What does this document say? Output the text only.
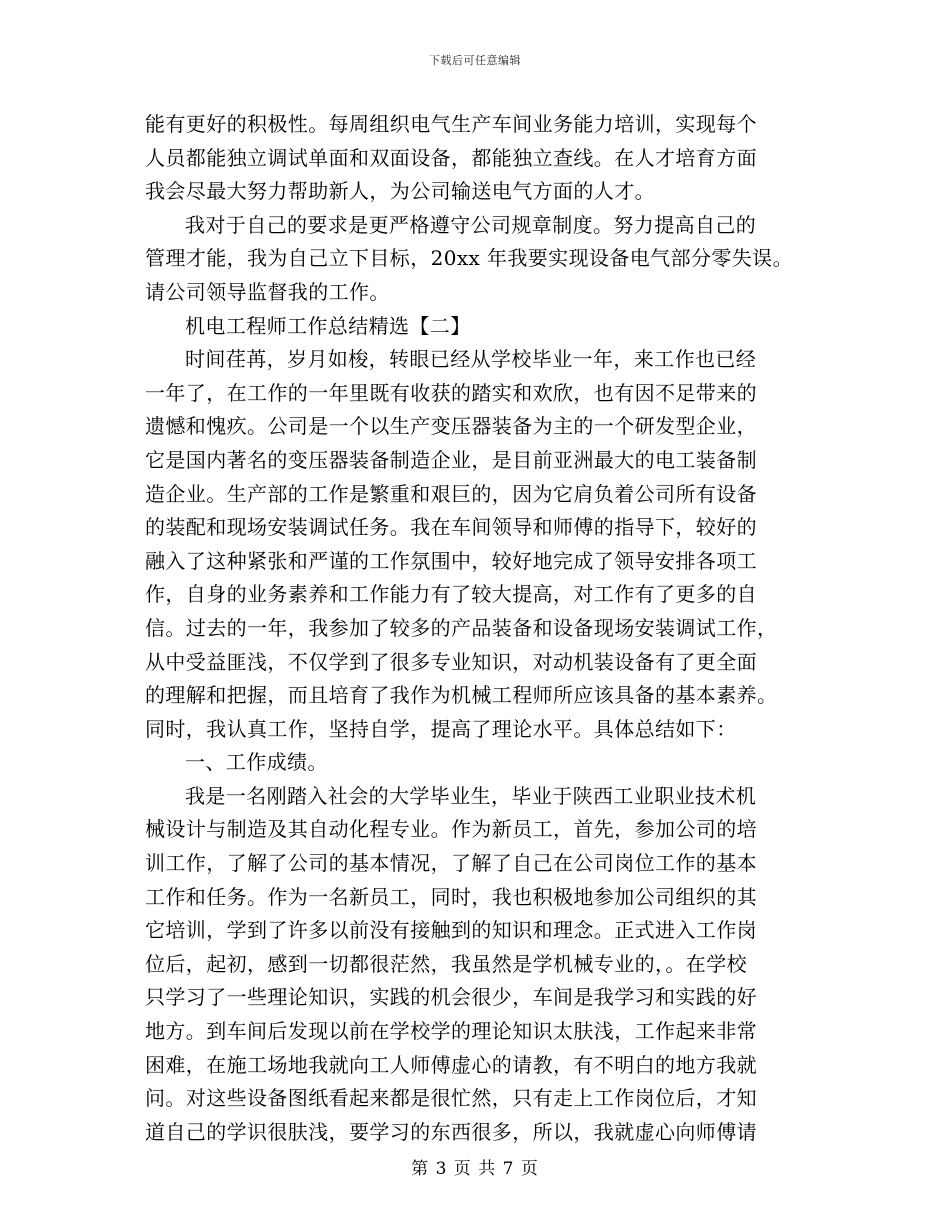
下载后可任意编辑
能有更好的积极性。每周组织电气生产车间业务能力培训，实现每个
人员都能独立调试单面和双面设备，都能独立查线。在人才培育方面
我会尽最大努力帮助新人，为公司输送电气方面的人才。
我对于自己的要求是更严格遵守公司规章制度。努力提高自己的
管理才能，我为自己立下目标，20xx 年我要实现设备电气部分零失误。
请公司领导监督我的工作。
机电工程师工作总结精选【二】
时间荏苒，岁月如梭，转眼已经从学校毕业一年，来工作也已经
一年了，在工作的一年里既有收获的踏实和欢欣，也有因不足带来的
遗憾和愧疚。公司是一个以生产变压器装备为主的一个研发型企业，
它是国内著名的变压器装备制造企业，是目前亚洲最大的电工装备制
造企业。生产部的工作是繁重和艰巨的，因为它肩负着公司所有设备
的装配和现场安装调试任务。我在车间领导和师傅的指导下，较好的
融入了这种紧张和严谨的工作氛围中，较好地完成了领导安排各项工
作，自身的业务素养和工作能力有了较大提高，对工作有了更多的自
信。过去的一年，我参加了较多的产品装备和设备现场安装调试工作，
从中受益匪浅，不仅学到了很多专业知识，对动机装设备有了更全面
的理解和把握，而且培育了我作为机械工程师所应该具备的基本素养。
同时，我认真工作，坚持自学，提高了理论水平。具体总结如下：
一、工作成绩。
我是一名刚踏入社会的大学毕业生，毕业于陕西工业职业技术机
械设计与制造及其自动化程专业。作为新员工，首先，参加公司的培
训工作，了解了公司的基本情况，了解了自己在公司岗位工作的基本
工作和任务。作为一名新员工，同时，我也积极地参加公司组织的其
它培训，学到了许多以前没有接触到的知识和理念。正式进入工作岗
位后，起初，感到一切都很茫然，我虽然是学机械专业的，。在学校
只学习了一些理论知识，实践的机会很少，车间是我学习和实践的好
地方。到车间后发现以前在学校学的理论知识太肤浅，工作起来非常
困难，在施工场地我就向工人师傅虚心的请教，有不明白的地方我就
问。对这些设备图纸看起来都是很忙然，只有走上工作岗位后，才知
道自己的学识很肤浅，要学习的东西很多，所以，我就虚心向师傅请
第 3 页 共 7 页
